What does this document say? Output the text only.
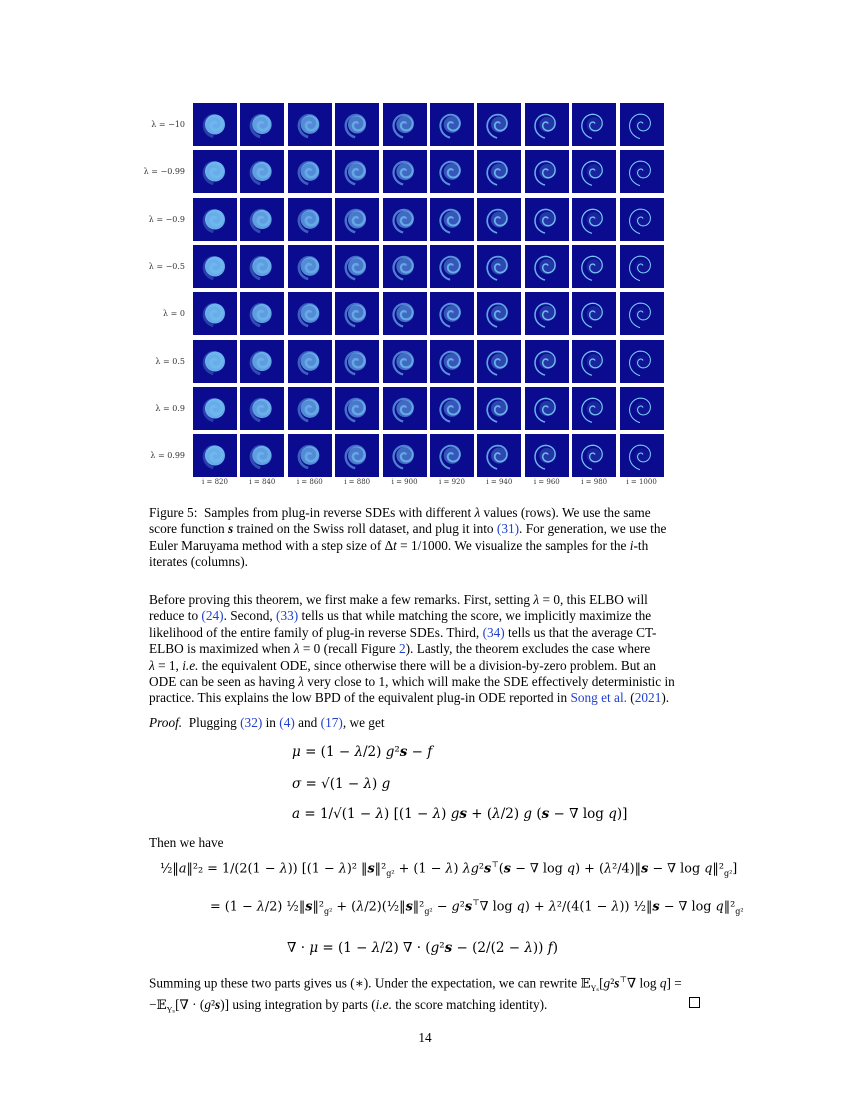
λ = −10
λ = −0.99
λ = −0.9
λ = −0.5
λ = 0
λ = 0.5
λ = 0.9
λ = 0.99
i = 820	i = 840	i = 860	i = 880	i = 900	i = 920	i = 940	i = 960	i = 980	i = 1000

Figure 5:  Samples from plug-in reverse SDEs with different λ values (rows). We use the same

score function s trained on the Swiss roll dataset, and plug it into (31). For generation, we use the

Euler Maruyama method with a step size of Δt = 1/1000. We visualize the samples for the i-th

iterates (columns).

Before proving this theorem, we first make a few remarks. First, setting λ = 0, this ELBO will

reduce to (24). Second, (33) tells us that while matching the score, we implicitly maximize the

likelihood of the entire family of plug-in reverse SDEs. Third, (34) tells us that the average CT-

ELBO is maximized when λ = 0 (recall Figure 2). Lastly, the theorem excludes the case where

λ = 1, i.e. the equivalent ODE, since otherwise there will be a division-by-zero problem. But an

ODE can be seen as having λ very close to 1, which will make the SDE effectively deterministic in

practice. This explains the low BPD of the equivalent plug-in ODE reported in Song et al. (2021).

Proof.  Plugging (32) in (4) and (17), we get

μ = (1 − λ/2) g²s − f
σ = √(1 − λ) g
a = 1/√(1 − λ) [(1 − λ) gs + (λ/2) g (s − ∇ log q)]

Then we have

½‖a‖²₂ = 1/(2(1 − λ)) [(1 − λ)² $‖s‖^2_{g^2} + (1 - \lambda) \lambda g^2s^⊤(s$ − ∇ log q) + (λ²/4)‖s − ∇ $\log q‖^2_{g^2}$]
= (1 − λ/2) $\frac{1}{2}‖s‖^2_{g^2}$ + $(\lambda/2)(\frac{1}{2}‖s‖^2_{g^2} - g^2s^⊤\nabla$ log q) + λ²/(4(1 − λ)) ½‖s − ∇ $\log q‖^2_{g^2}$
∇ · μ = (1 − λ/2) ∇ · (g²s − (2/(2 − λ)) f)

Summing up these two parts gives us (∗). Under the expectation, we can rewrite 𝔼$_{Y_s}$[g²s⊤∇ log q] =

−𝔼$_{Y_s}$[∇ · (g²s)] using integration by parts (i.e. the score matching identity).

14
